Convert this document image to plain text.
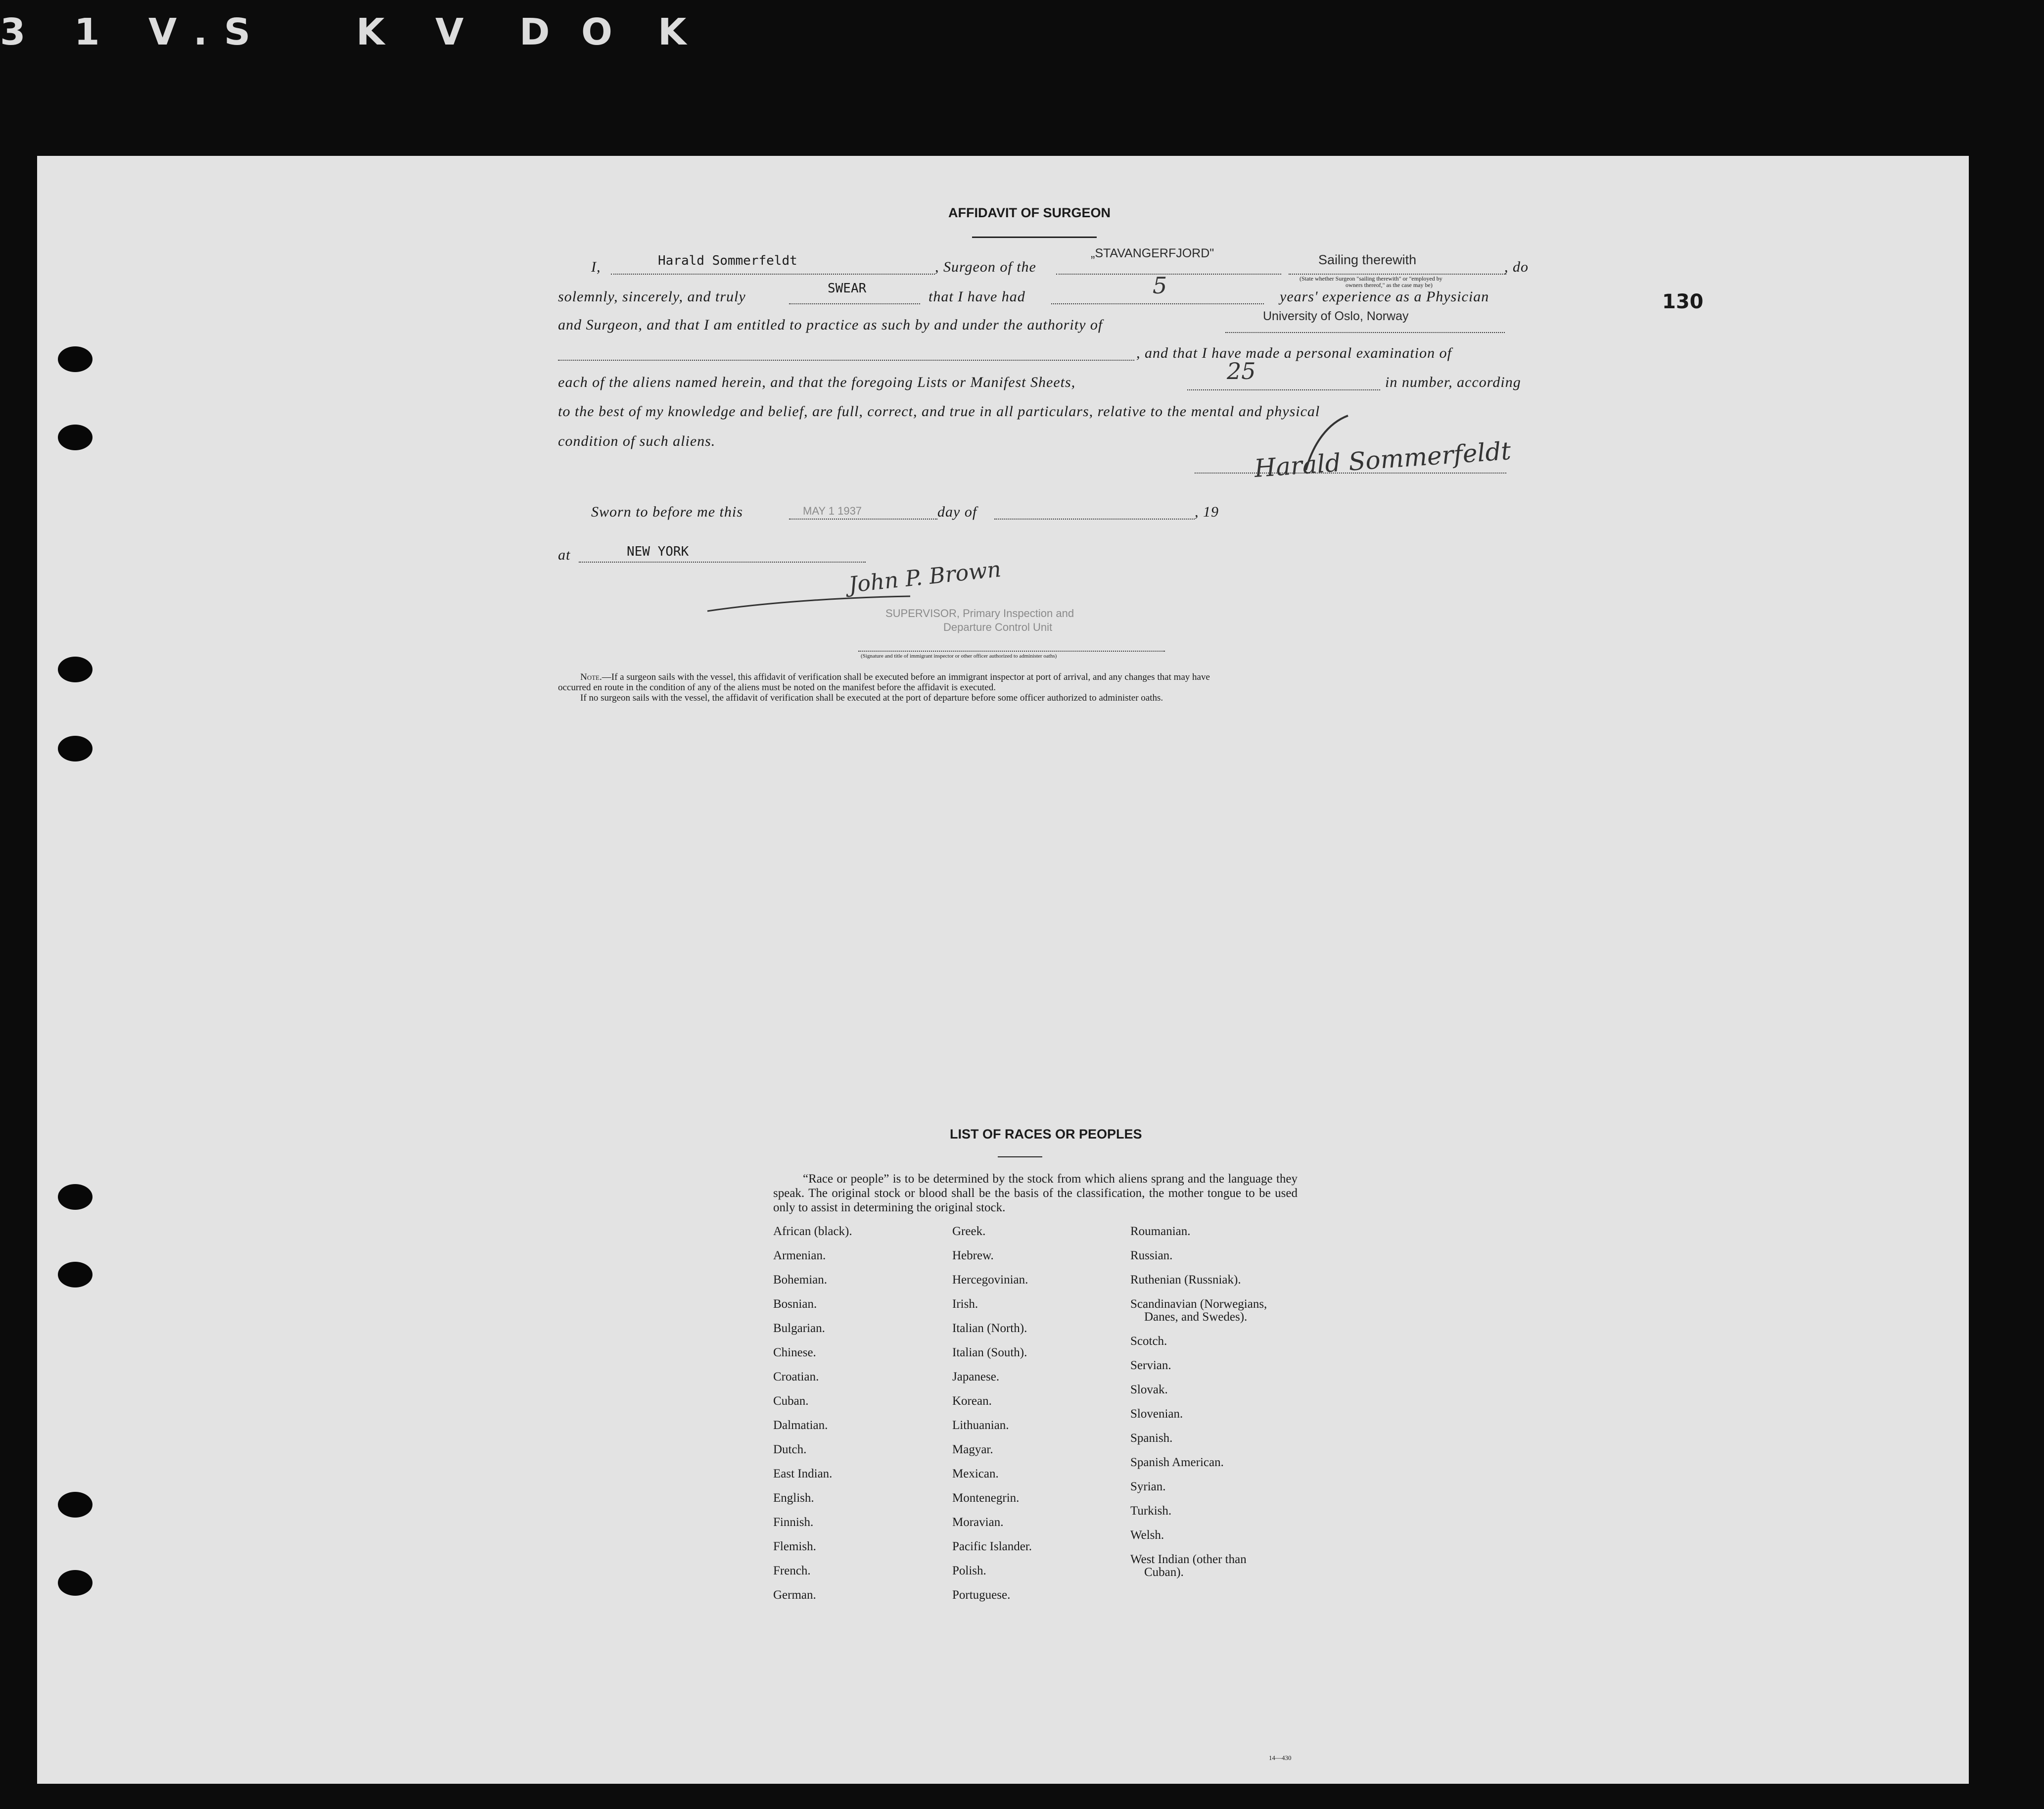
3 1 V . S	K V D O K
130
AFFIDAVIT OF SURGEON
I,	Harald Sommerfeldt	, Surgeon of the
„STAVANGERFJORD"	Sailing therewith
(State whether Surgeon "sailing therewith" or "employed by
owners thereof," as the case may be)
, do
solemnly, sincerely, and truly	SWEAR	that I have had	5	years' experience as a Physician
and Surgeon, and that I am entitled to practice as such by and under the authority of
University of Oslo, Norway
, and that I have made a personal examination of
each of the aliens named herein, and that the foregoing Lists or Manifest Sheets,	25	in number, according
to the best of my knowledge and belief, are full, correct, and true in all particulars, relative to the mental and physical
condition of such aliens.	Harald Sommerfeldt
Sworn to before me this	MAY 1 1937	day of	, 19
at	NEW YORK
John P. Brown
SUPERVISOR, Primary Inspection and
Departure Control Unit
(Signature and title of immigrant inspector or other officer authorized to administer oaths)
Note.—If a surgeon sails with the vessel, this affidavit of verification shall be executed before an immigrant inspector at port of arrival, and any changes that may have
occurred en route in the condition of any of the aliens must be noted on the manifest before the affidavit is executed.
If no surgeon sails with the vessel, the affidavit of verification shall be executed at the port of departure before some officer authorized to administer oaths.
LIST OF RACES OR PEOPLES
“Race or people” is to be determined by the stock from which aliens sprang and the language they speak. The original stock or blood shall be the basis of the classification, the mother tongue to be used only to assist in determining the original stock.
African (black).
Armenian.
Bohemian.
Bosnian.
Bulgarian.
Chinese.
Croatian.
Cuban.
Dalmatian.
Dutch.
East Indian.
English.
Finnish.
Flemish.
French.
German.
Greek.
Hebrew.
Hercegovinian.
Irish.
Italian (North).
Italian (South).
Japanese.
Korean.
Lithuanian.
Magyar.
Mexican.
Montenegrin.
Moravian.
Pacific Islander.
Polish.
Portuguese.
Roumanian.
Russian.
Ruthenian (Russniak).
Scandinavian (Norwegians,
Danes, and Swedes).
Scotch.
Servian.
Slovak.
Slovenian.
Spanish.
Spanish American.
Syrian.
Turkish.
Welsh.
West Indian (other than
Cuban).
14—430
